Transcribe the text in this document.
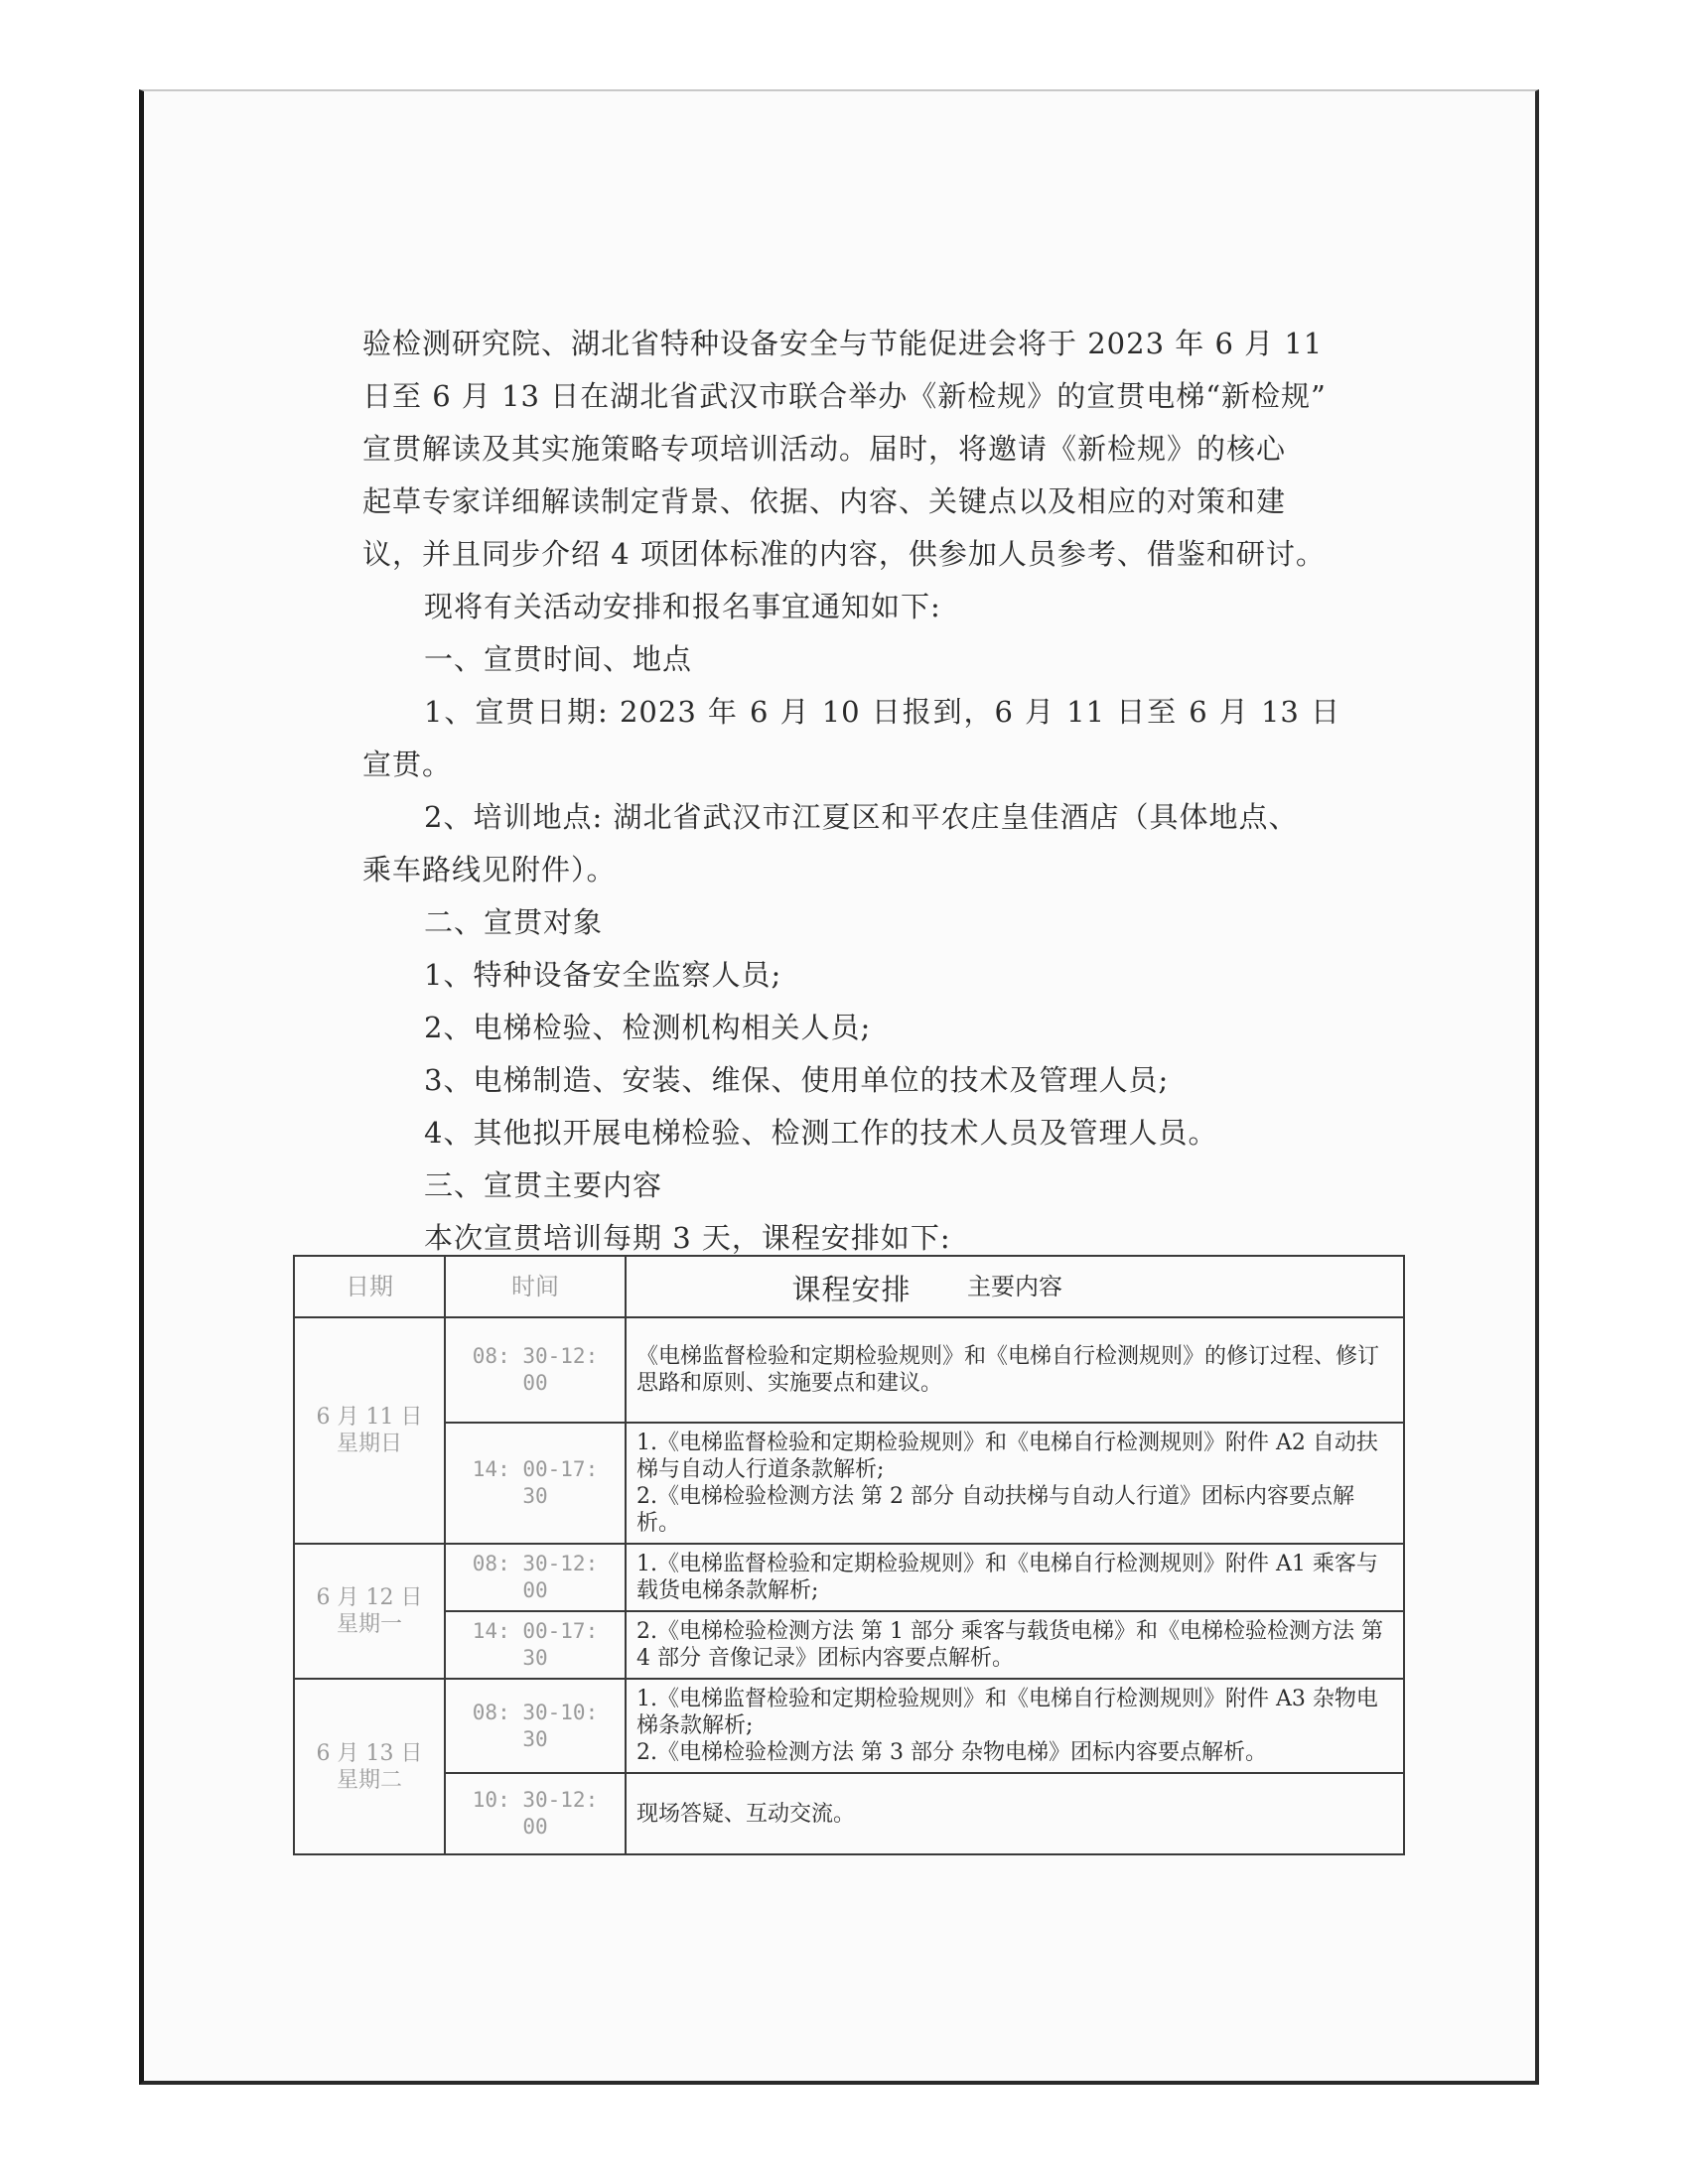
验检测研究院、湖北省特种设备安全与节能促进会将于 2023 年 6 月 11

日至 6 月 13 日在湖北省武汉市联合举办《新检规》的宣贯电梯“新检规”

宣贯解读及其实施策略专项培训活动。届时，将邀请《新检规》的核心

起草专家详细解读制定背景、依据、内容、关键点以及相应的对策和建

议，并且同步介绍 4 项团体标准的内容，供参加人员参考、借鉴和研讨。

现将有关活动安排和报名事宜通知如下:

一、宣贯时间、地点

1、宣贯日期: 2023 年 6 月 10 日报到，6 月 11 日至 6 月 13 日宣贯。

2、培训地点: 湖北省武汉市江夏区和平农庄皇佳酒店（具体地点、

乘车路线见附件）。

二、宣贯对象

1、特种设备安全监察人员;

2、电梯检验、检测机构相关人员;

3、电梯制造、安装、维保、使用单位的技术及管理人员;

4、其他拟开展电梯检验、检测工作的技术人员及管理人员。

三、宣贯主要内容

本次宣贯培训每期 3 天，课程安排如下:

课程安排

日期	时间	主要内容

6 月 11 日
星期日	08: 30-12: 00	《电梯监督检验和定期检验规则》和《电梯自行检测规则》的修订过程、修订思路和原则、实施要点和建议。

	14: 00-17: 30	1.《电梯监督检验和定期检验规则》和《电梯自行检测规则》附件 A2 自动扶梯与自动人行道条款解析;
2.《电梯检验检测方法 第 2 部分 自动扶梯与自动人行道》团标内容要点解析。

6 月 12 日
星期一	08: 30-12: 00	1.《电梯监督检验和定期检验规则》和《电梯自行检测规则》附件 A1 乘客与载货电梯条款解析;

	14: 00-17: 30	2.《电梯检验检测方法 第 1 部分 乘客与载货电梯》和《电梯检验检测方法 第 4 部分 音像记录》团标内容要点解析。

6 月 13 日
星期二	08: 30-10: 30	1.《电梯监督检验和定期检验规则》和《电梯自行检测规则》附件 A3 杂物电梯条款解析;
2.《电梯检验检测方法 第 3 部分 杂物电梯》团标内容要点解析。

	10: 30-12: 00	现场答疑、互动交流。
